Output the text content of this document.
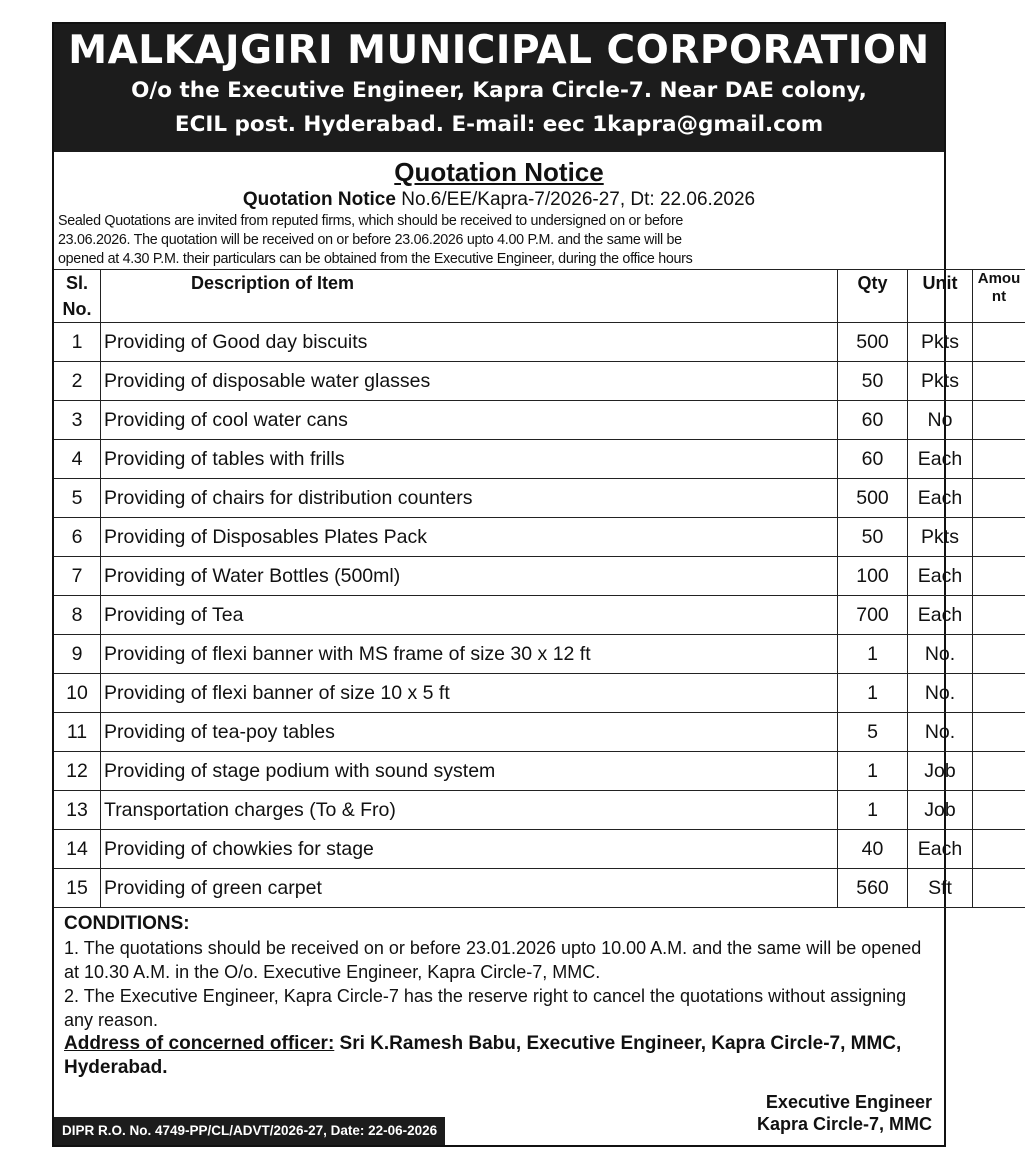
MALKAJGIRI MUNICIPAL CORPORATION
O/o the Executive Engineer, Kapra Circle-7. Near DAE colony,
ECIL post. Hyderabad. E-mail: eec 1kapra@gmail.com
Quotation Notice
Quotation Notice No.6/EE/Kapra-7/2026-27, Dt: 22.06.2026
Sealed Quotations are invited from reputed firms, which should be received to undersigned on or before
23.06.2026. The quotation will be received on or before 23.06.2026 upto 4.00 P.M. and the same will be
opened at 4.30 P.M. their particulars can be obtained from the Executive Engineer, during the office hours
Sl.
No.	Description of Item	Qty	Unit	Amou
nt
1	Providing of Good day biscuits	500	Pkts	
2	Providing of disposable water glasses	50	Pkts	
3	Providing of cool water cans	60	No	
4	Providing of tables with frills	60	Each	
5	Providing of chairs for distribution counters	500	Each	
6	Providing of Disposables Plates Pack	50	Pkts	
7	Providing of Water Bottles (500ml)	100	Each	
8	Providing of Tea	700	Each	
9	Providing of flexi banner with MS frame of size 30 x 12 ft	1	No.	
10	Providing of flexi banner of size 10 x 5 ft	1	No.	
11	Providing of tea-poy tables	5	No.	
12	Providing of stage podium with sound system	1	Job	
13	Transportation charges (To & Fro)	1	Job	
14	Providing of chowkies for stage	40	Each	
15	Providing of green carpet	560	Sft	
CONDITIONS:

1. The quotations should be received on or before 23.01.2026 upto 10.00 A.M. and the same will be opened at 10.30 A.M. in the O/o. Executive Engineer, Kapra Circle-7, MMC.

2. The Executive Engineer, Kapra Circle-7 has the reserve right to cancel the quotations without assigning any reason.

Address of concerned officer: Sri K.Ramesh Babu, Executive Engineer, Kapra Circle-7, MMC, Hyderabad.
Executive Engineer
Kapra Circle-7, MMC
DIPR R.O. No. 4749-PP/CL/ADVT/2026-27, Date: 22-06-2026
